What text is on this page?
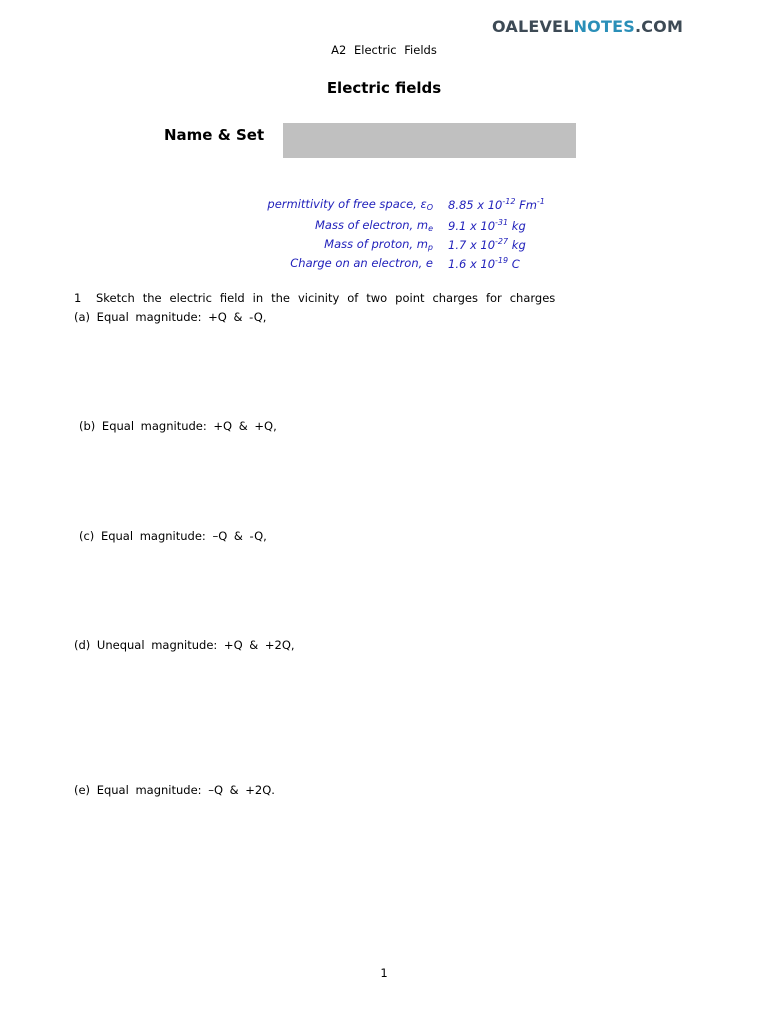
OALEVELNOTES.COM
A2 Electric Fields
Electric fields
Name & Set
permittivity of free space, $\varepsilon_O$ 8.85 x $10^{-12}$ $Fm^{-1}$
Mass of electron, $m_e$ 9.1 x $10^{-31}$ kg
Mass of proton, $m_p$ 1.7 x $10^{-27}$ kg
Charge on an electron, e 1.6 x $10^{-19}$ C
1 Sketch the electric field in the vicinity of two point charges for charges
(a) Equal magnitude: +Q & -Q,
(b) Equal magnitude: +Q & +Q,
(c) Equal magnitude: –Q & -Q,
(d) Unequal magnitude: +Q & +2Q,
(e) Equal magnitude: –Q & +2Q.
1
